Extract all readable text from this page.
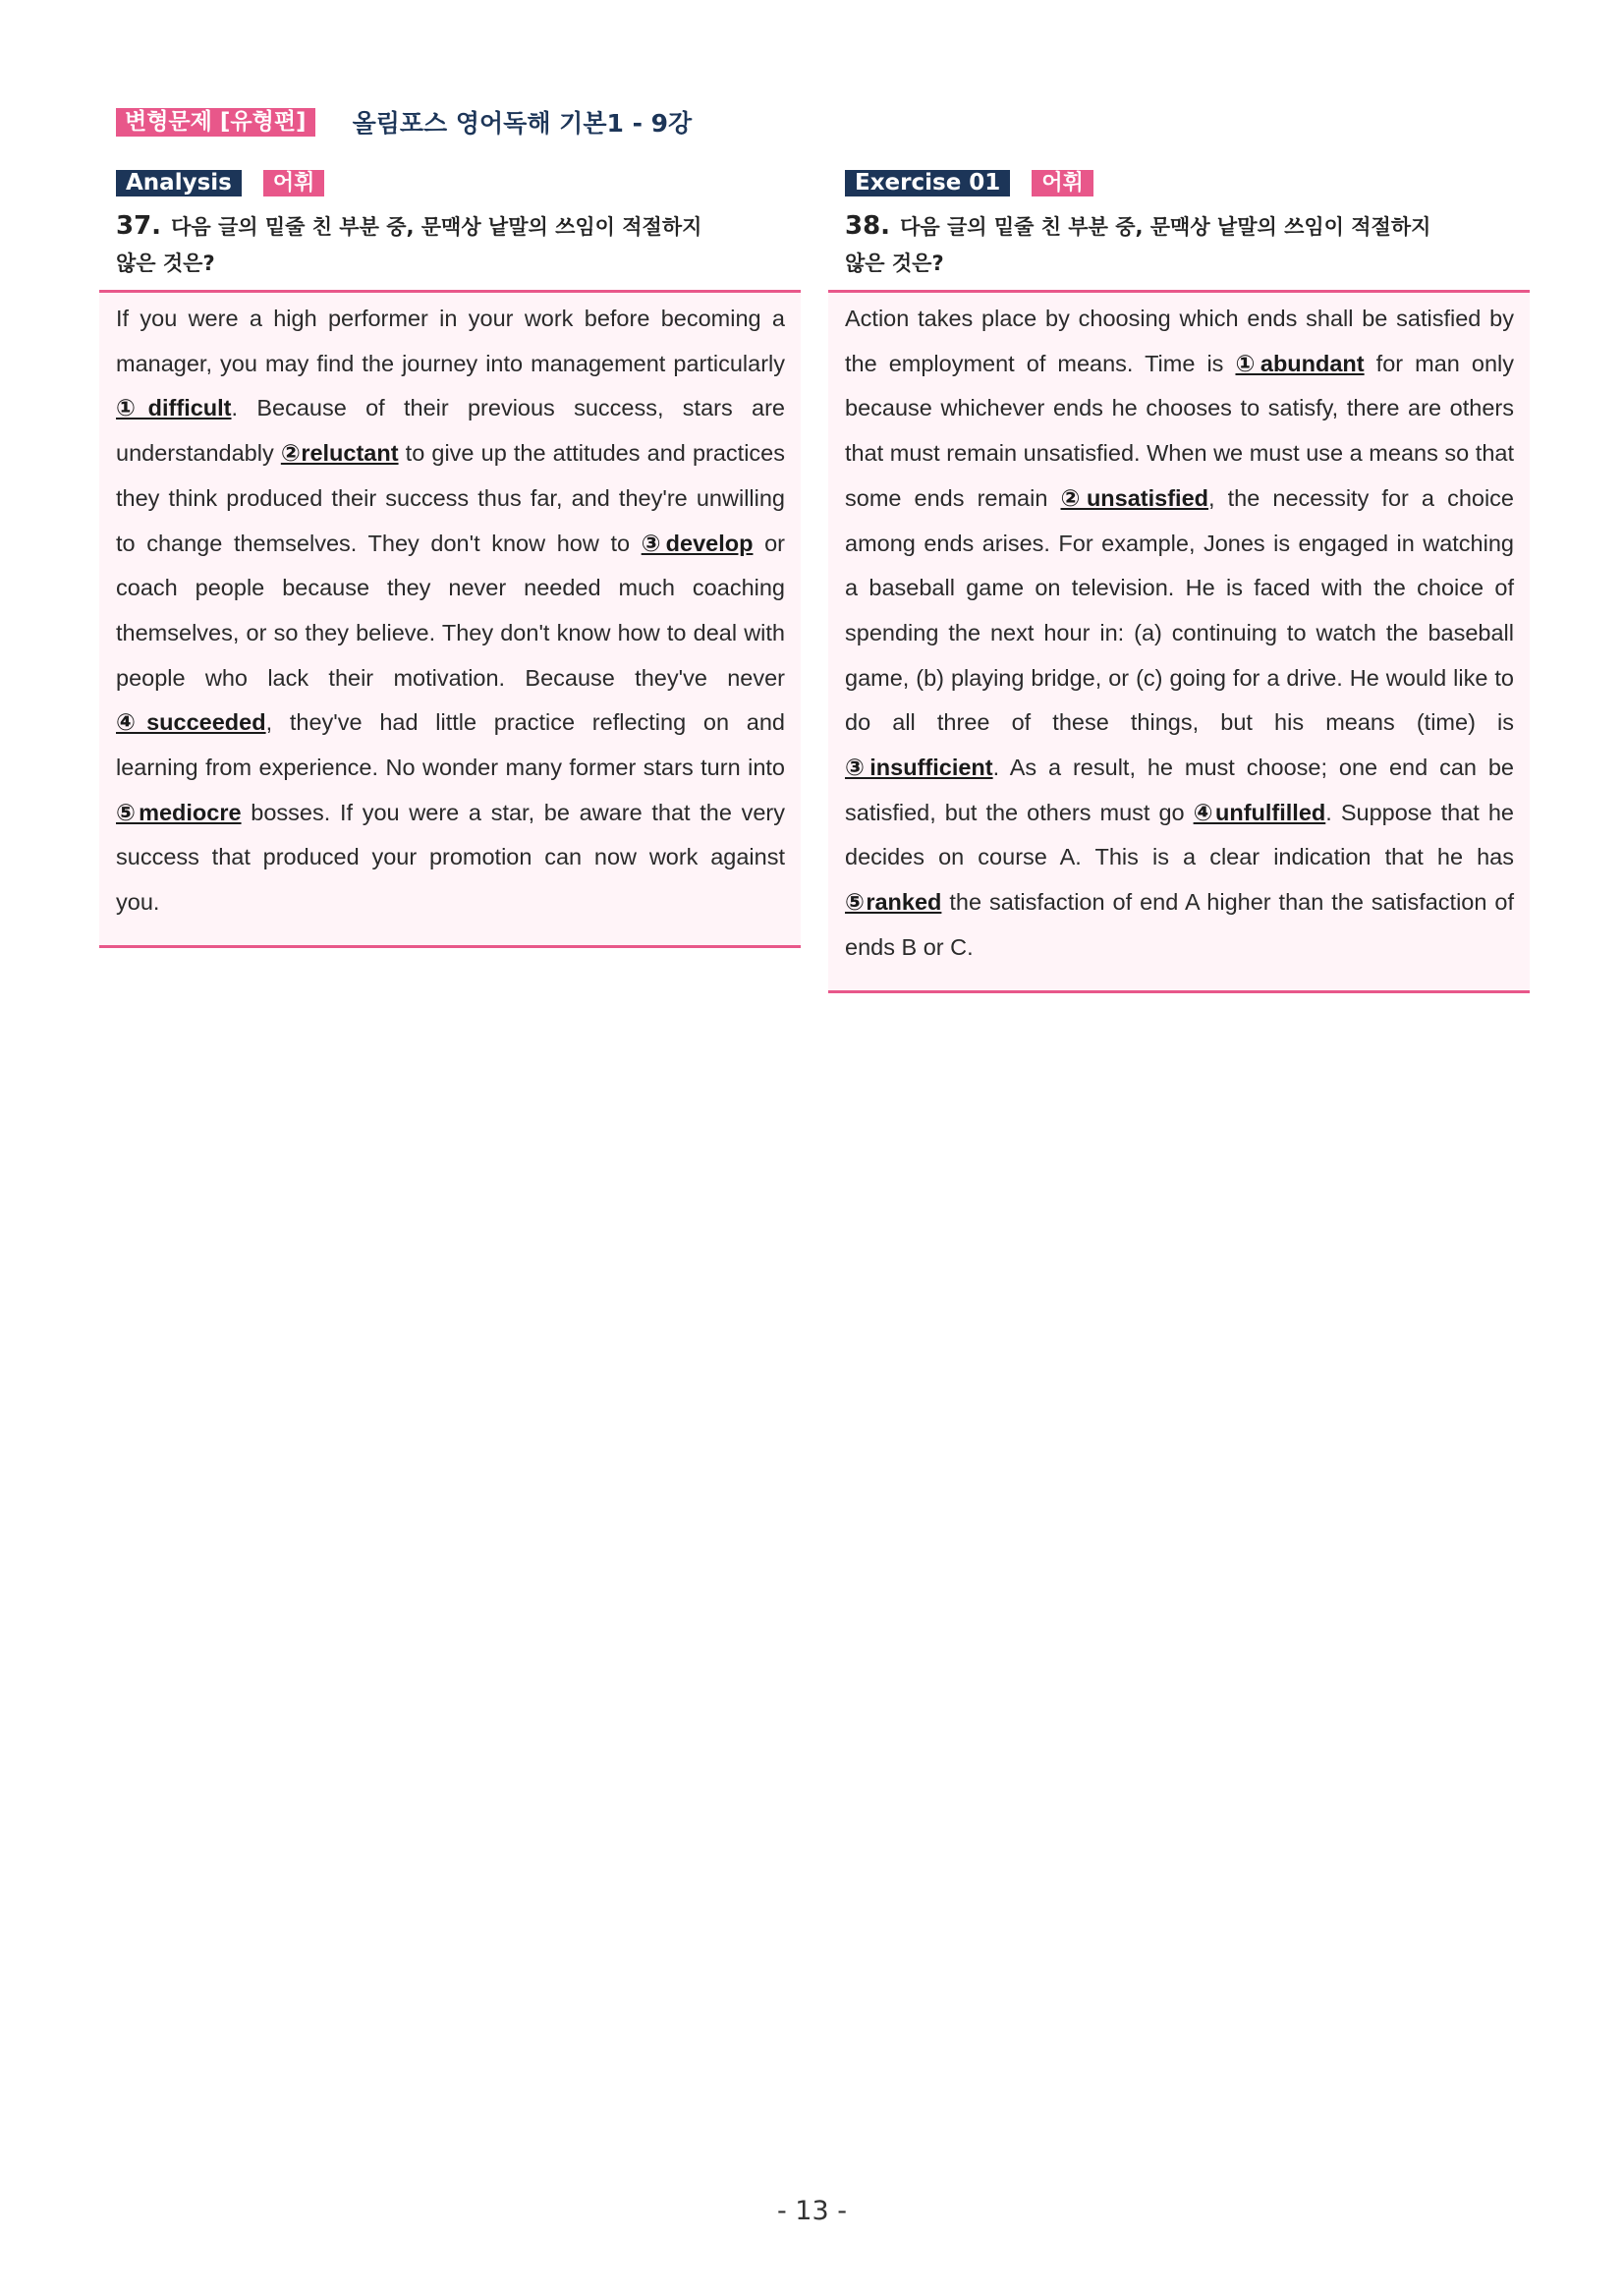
변형문제 [유형편]	올림포스 영어독해 기본1 - 9강
Analysis	어휘
37. 다음 글의 밑줄 친 부분 중, 문맥상 낱말의 쓰임이 적절하지
않은 것은?
If you were a high performer in your work before becoming a manager, you may find the journey into management particularly ①difficult. Because of their previous success, stars are understandably ②reluctant to give up the attitudes and practices they think produced their success thus far, and they're unwilling to change themselves. They don't know how to ③develop or coach people because they never needed much coaching themselves, or so they believe. They don't know how to deal with people who lack their motivation. Because they've never ④succeeded, they've had little practice reflecting on and learning from experience. No wonder many former stars turn into ⑤mediocre bosses. If you were a star, be aware that the very success that produced your promotion can now work against you.
Exercise 01	어휘
38. 다음 글의 밑줄 친 부분 중, 문맥상 낱말의 쓰임이 적절하지
않은 것은?
Action takes place by choosing which ends shall be satisfied by the employment of means. Time is ①abundant for man only because whichever ends he chooses to satisfy, there are others that must remain unsatisfied. When we must use a means so that some ends remain ②unsatisfied, the necessity for a choice among ends arises. For example, Jones is engaged in watching a baseball game on television. He is faced with the choice of spending the next hour in: (a) continuing to watch the baseball game, (b) playing bridge, or (c) going for a drive. He would like to do all three of these things, but his means (time) is ③insufficient. As a result, he must choose; one end can be satisfied, but the others must go ④unfulfilled. Suppose that he decides on course A. This is a clear indication that he has ⑤ranked the satisfaction of end A higher than the satisfaction of ends B or C.
- 13 -
